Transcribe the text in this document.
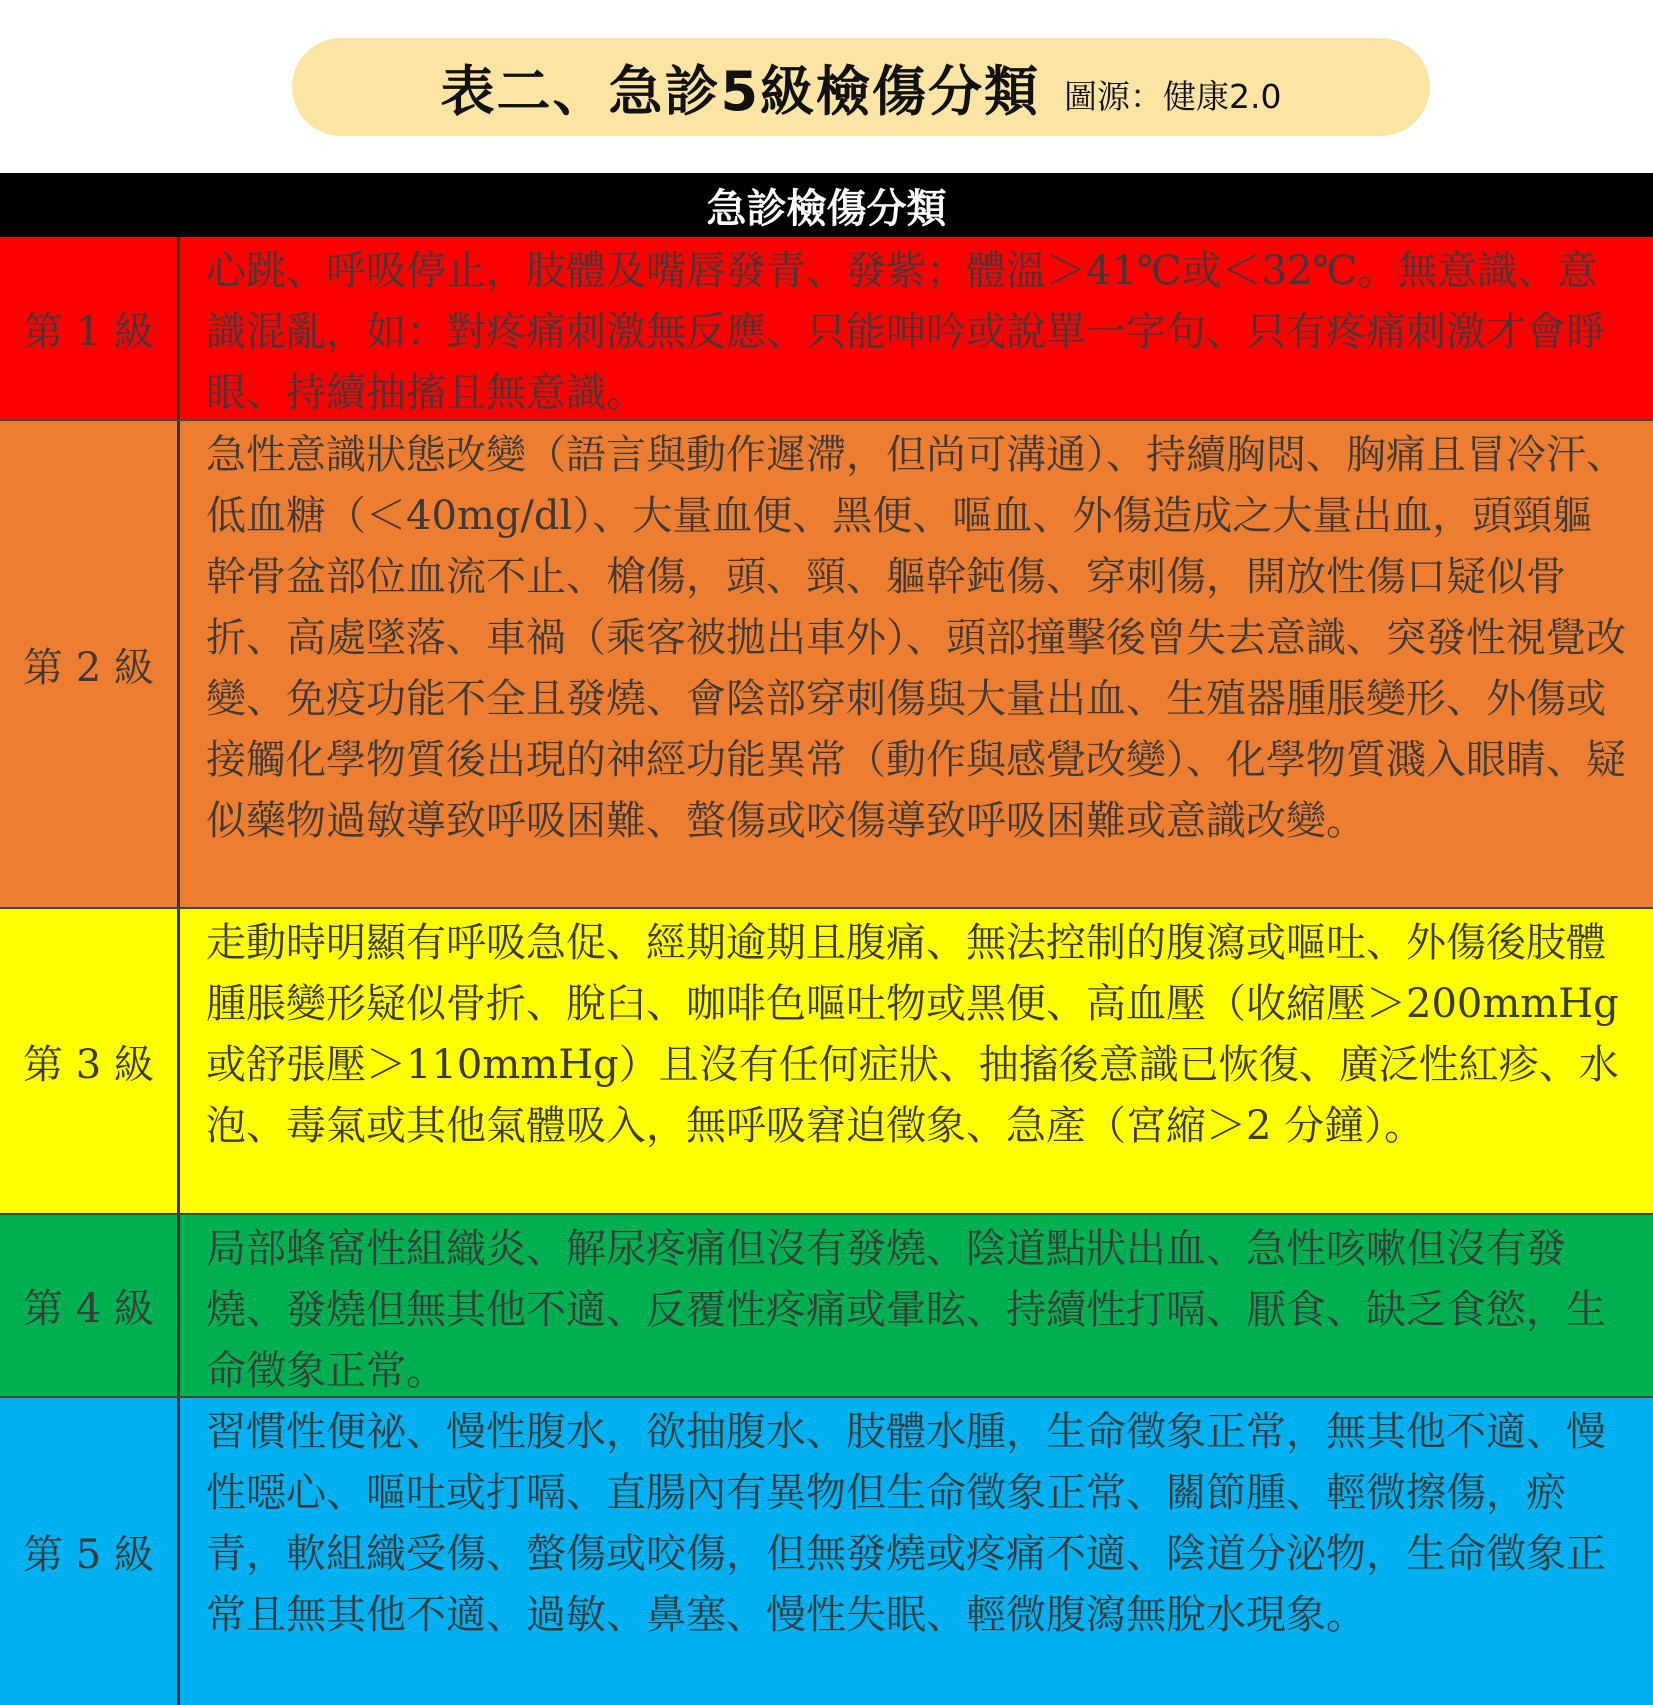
表二、急診5級檢傷分類 圖源：健康2.0
急診檢傷分類
第 1 級
心跳、呼吸停止，肢體及嘴唇發青、發紫；體溫＞41℃或＜32℃。無意識、意識混亂，如：對疼痛刺激無反應、只能呻吟或說單一字句、只有疼痛刺激才會睜眼、持續抽搐且無意識。
第 2 級
急性意識狀態改變（語言與動作遲滯，但尚可溝通）、持續胸悶、胸痛且冒冷汗、低血糖（＜40mg/dl）、大量血便、黑便、嘔血、外傷造成之大量出血，頭頸軀幹骨盆部位血流不止、槍傷，頭、頸、軀幹鈍傷、穿刺傷，開放性傷口疑似骨折、高處墜落、車禍（乘客被拋出車外）、頭部撞擊後曾失去意識、突發性視覺改變、免疫功能不全且發燒、會陰部穿刺傷與大量出血、生殖器腫脹變形、外傷或接觸化學物質後出現的神經功能異常（動作與感覺改變）、化學物質濺入眼睛、疑似藥物過敏導致呼吸困難、螫傷或咬傷導致呼吸困難或意識改變。
第 3 級
走動時明顯有呼吸急促、經期逾期且腹痛、無法控制的腹瀉或嘔吐、外傷後肢體腫脹變形疑似骨折、脫臼、咖啡色嘔吐物或黑便、高血壓（收縮壓＞200mmHg 或舒張壓＞110mmHg）且沒有任何症狀、抽搐後意識已恢復、廣泛性紅疹、水泡、毒氣或其他氣體吸入，無呼吸窘迫徵象、急產（宮縮＞2 分鐘）。
第 4 級
局部蜂窩性組織炎、解尿疼痛但沒有發燒、陰道點狀出血、急性咳嗽但沒有發燒、發燒但無其他不適、反覆性疼痛或暈眩、持續性打嗝、厭食、缺乏食慾，生命徵象正常。
第 5 級
習慣性便祕、慢性腹水，欲抽腹水、肢體水腫，生命徵象正常，無其他不適、慢性噁心、嘔吐或打嗝、直腸內有異物但生命徵象正常、關節腫、輕微擦傷，瘀青，軟組織受傷、螫傷或咬傷，但無發燒或疼痛不適、陰道分泌物，生命徵象正常且無其他不適、過敏、鼻塞、慢性失眠、輕微腹瀉無脫水現象。
